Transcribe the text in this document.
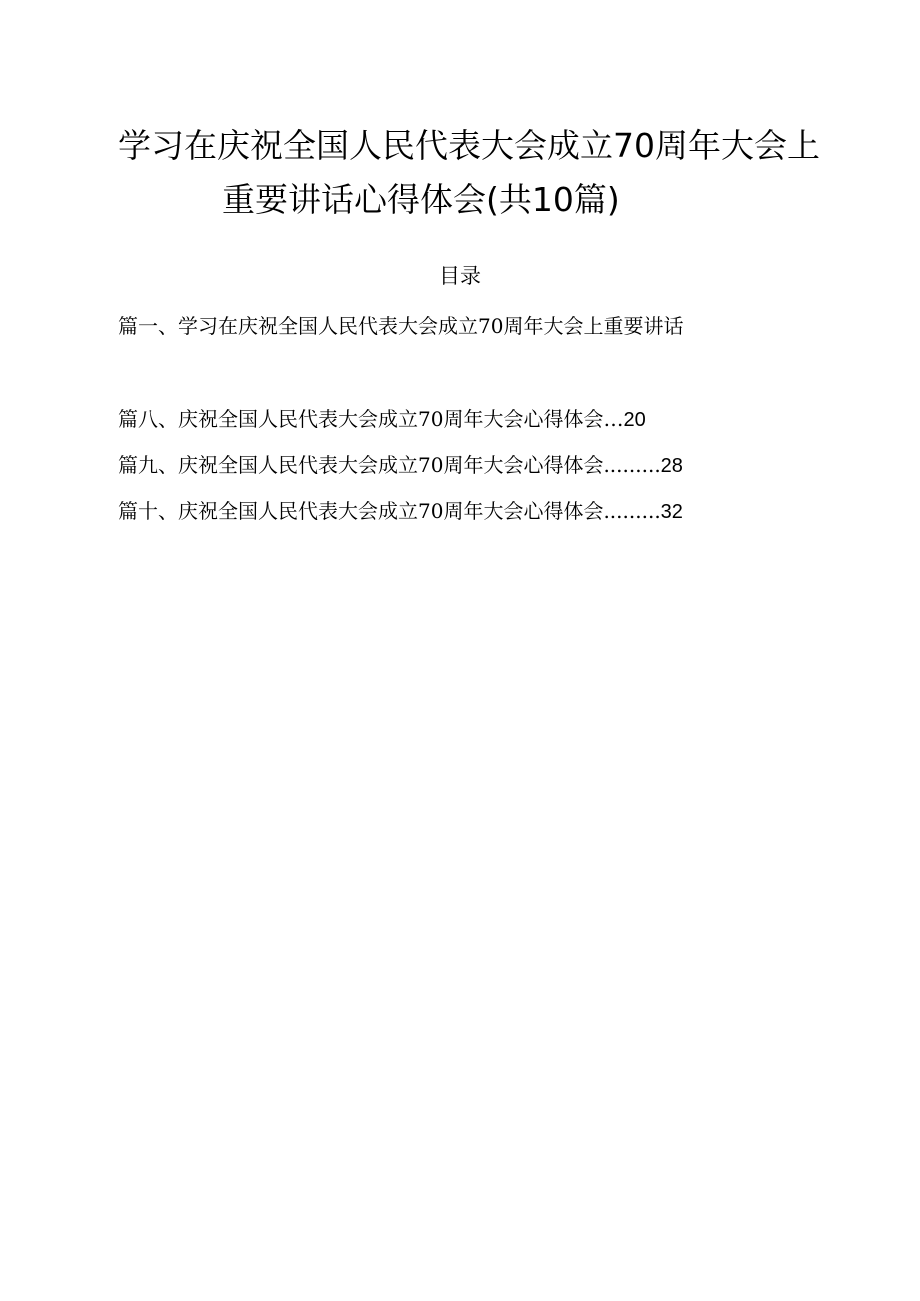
学习在庆祝全国人民代表大会成立70周年大会上
重要讲话心得体会(共10篇)
目录
篇一、学习在庆祝全国人民代表大会成立70周年大会上重要讲话
篇八、庆祝全国人民代表大会成立70周年大会心得体会…20
篇九、庆祝全国人民代表大会成立70周年大会心得体会.........28
篇十、庆祝全国人民代表大会成立70周年大会心得体会.........32
